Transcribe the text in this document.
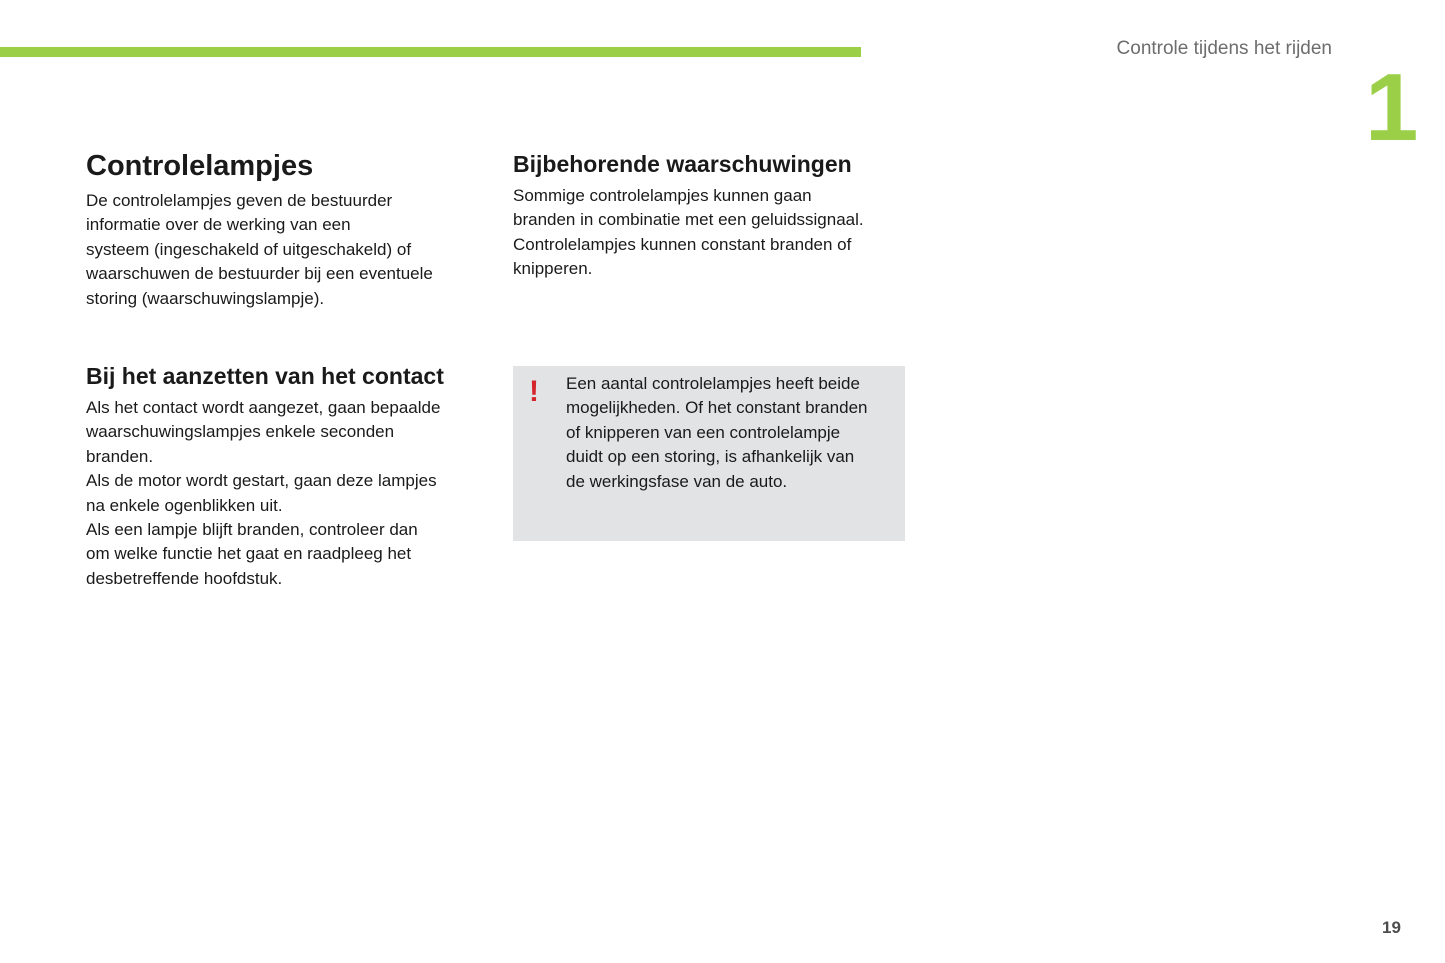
Controle tijdens het rijden
1
Controlelampjes

De controlelampjes geven de bestuurder
informatie over de werking van een
systeem (ingeschakeld of uitgeschakeld) of
waarschuwen de bestuurder bij een eventuele
storing (waarschuwingslampje).

Bij het aanzetten van het contact

Als het contact wordt aangezet, gaan bepaalde
waarschuwingslampjes enkele seconden
branden.
Als de motor wordt gestart, gaan deze lampjes
na enkele ogenblikken uit.
Als een lampje blijft branden, controleer dan
om welke functie het gaat en raadpleeg het
desbetreffende hoofdstuk.

Bijbehorende waarschuwingen

Sommige controlelampjes kunnen gaan
branden in combinatie met een geluidssignaal.
Controlelampjes kunnen constant branden of
knipperen.

! Een aantal controlelampjes heeft beide
mogelijkheden. Of het constant branden
of knipperen van een controlelampje
duidt op een storing, is afhankelijk van
de werkingsfase van de auto.
19
